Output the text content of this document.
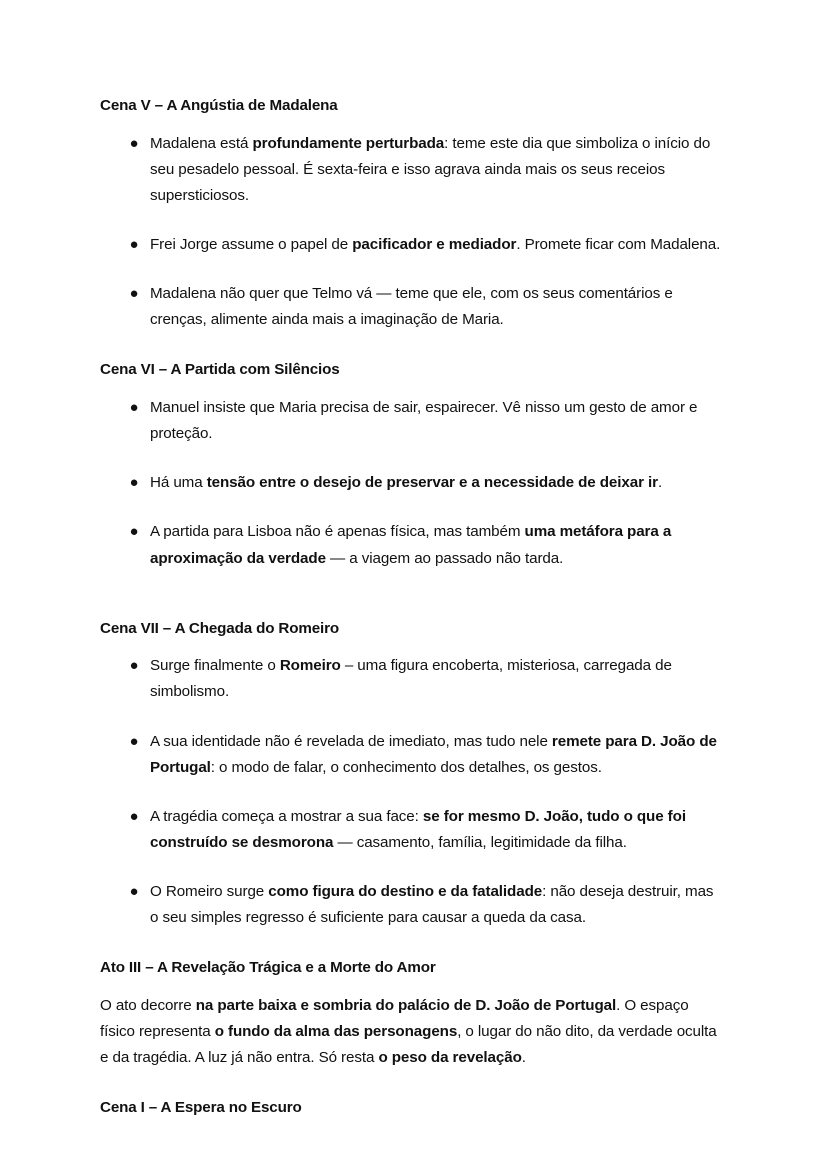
Cena V – A Angústia de Madalena
● Madalena está profundamente perturbada: teme este dia que simboliza o início do seu pesadelo pessoal. É sexta-feira e isso agrava ainda mais os seus receios supersticiosos.
● Frei Jorge assume o papel de pacificador e mediador. Promete ficar com Madalena.
● Madalena não quer que Telmo vá — teme que ele, com os seus comentários e crenças, alimente ainda mais a imaginação de Maria.
Cena VI – A Partida com Silêncios
● Manuel insiste que Maria precisa de sair, espairecer. Vê nisso um gesto de amor e proteção.
● Há uma tensão entre o desejo de preservar e a necessidade de deixar ir.
● A partida para Lisboa não é apenas física, mas também uma metáfora para a aproximação da verdade — a viagem ao passado não tarda.
Cena VII – A Chegada do Romeiro
● Surge finalmente o Romeiro – uma figura encoberta, misteriosa, carregada de simbolismo.
● A sua identidade não é revelada de imediato, mas tudo nele remete para D. João de Portugal: o modo de falar, o conhecimento dos detalhes, os gestos.
● A tragédia começa a mostrar a sua face: se for mesmo D. João, tudo o que foi construído se desmorona — casamento, família, legitimidade da filha.
● O Romeiro surge como figura do destino e da fatalidade: não deseja destruir, mas o seu simples regresso é suficiente para causar a queda da casa.
Ato III – A Revelação Trágica e a Morte do Amor

O ato decorre na parte baixa e sombria do palácio de D. João de Portugal. O espaço físico representa o fundo da alma das personagens, o lugar do não dito, da verdade oculta e da tragédia. A luz já não entra. Só resta o peso da revelação.

Cena I – A Espera no Escuro
